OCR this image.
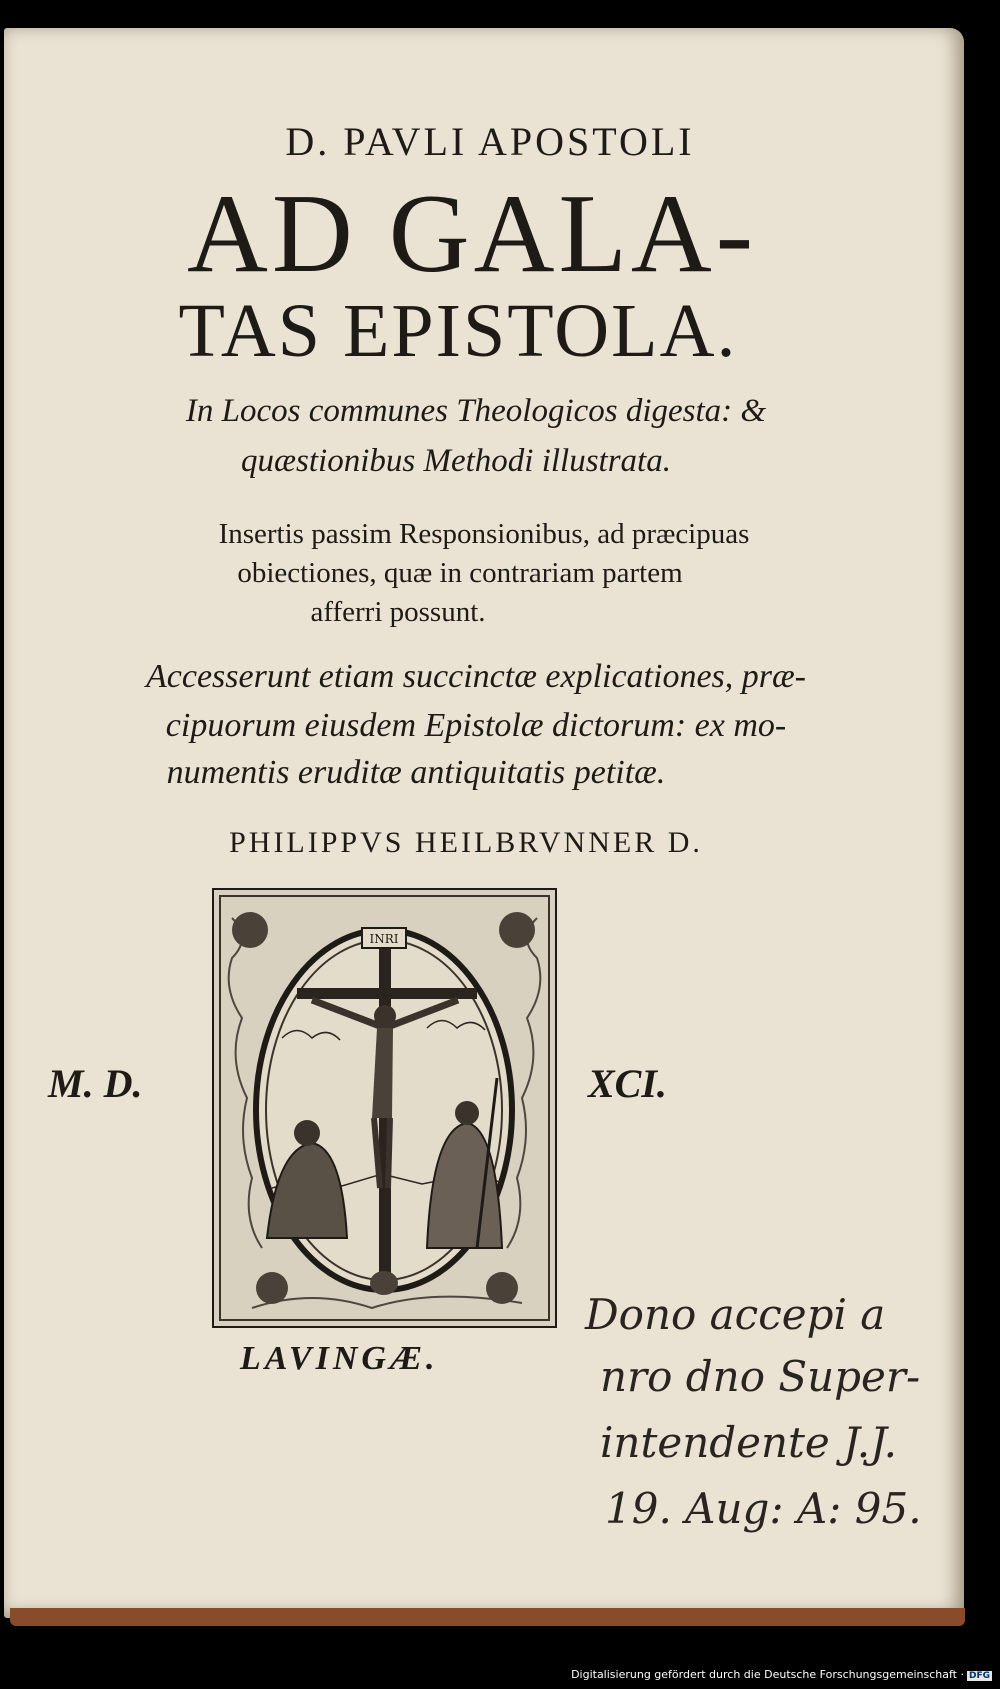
D. PAVLI APOSTOLI
AD GALA-
TAS EPISTOLA.
In Locos communes Theologicos digesta: &
quæstionibus Methodi illustrata.
Insertis passim Responsionibus, ad præcipuas
obiectiones, quæ in contrariam partem
afferri possunt.
Accesserunt etiam succinctæ explicationes, præ-
cipuorum eiusdem Epistolæ dictorum: ex mo-
numentis eruditæ antiquitatis petitæ.
PHILIPPVS HEILBRVNNER D.
M. D.	XCI.
INRI
LAVINGÆ.
Dono accepi a
nro dno Super-
intendente J.J.
19. Aug: A: 95.
Digitalisierung gefördert durch die Deutsche Forschungsgemeinschaft · DFG
